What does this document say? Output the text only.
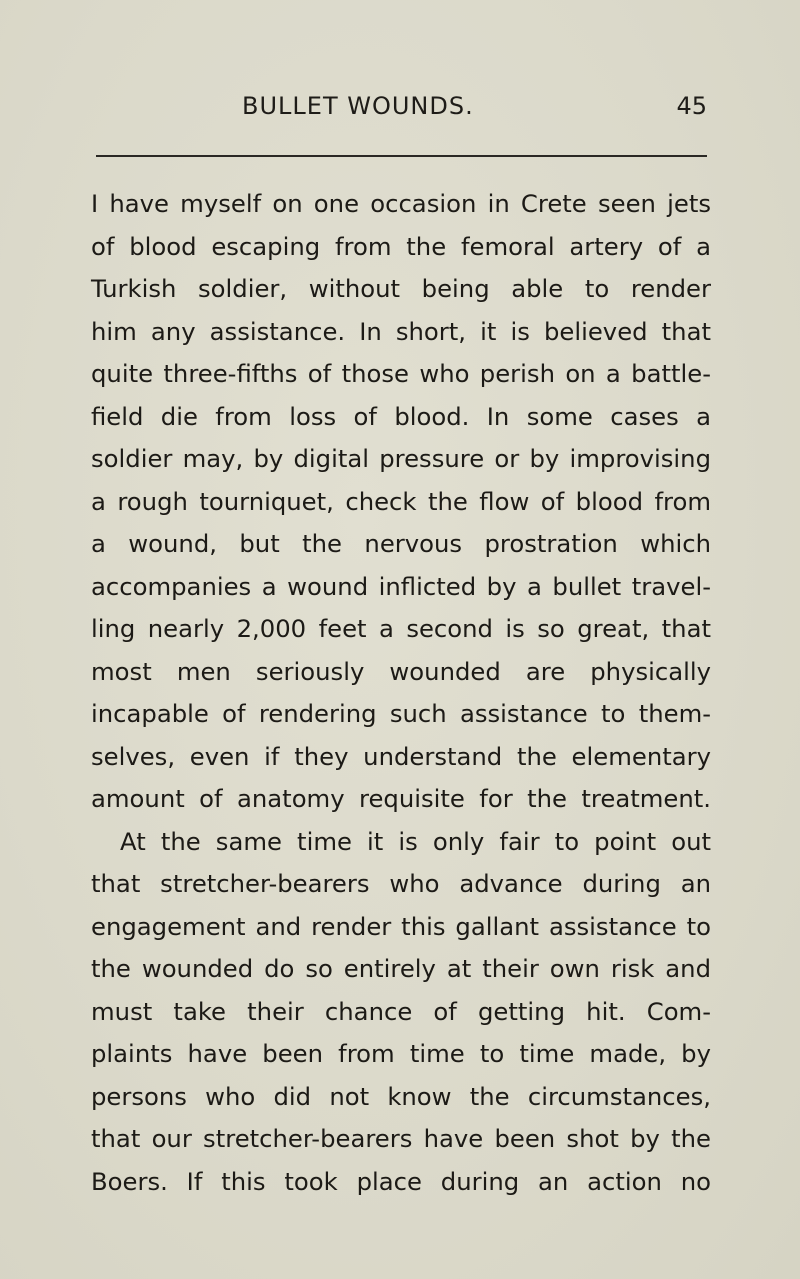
BULLET WOUNDS.	45
I have myself on one occasion in Crete seen jets
of blood escaping from the femoral artery of a
Turkish soldier, without being able to render
him any assistance. In short, it is believed that
quite three-fifths of those who perish on a battle-
field die from loss of blood. In some cases a
soldier may, by digital pressure or by improvising
a rough tourniquet, check the flow of blood from
a wound, but the nervous prostration which
accompanies a wound inflicted by a bullet travel-
ling nearly 2,000 feet a second is so great, that
most men seriously wounded are physically
incapable of rendering such assistance to them-
selves, even if they understand the elementary
amount of anatomy requisite for the treatment.
At the same time it is only fair to point out
that stretcher-bearers who advance during an
engagement and render this gallant assistance to
the wounded do so entirely at their own risk and
must take their chance of getting hit. Com-
plaints have been from time to time made, by
persons who did not know the circumstances,
that our stretcher-bearers have been shot by the
Boers. If this took place during an action no
